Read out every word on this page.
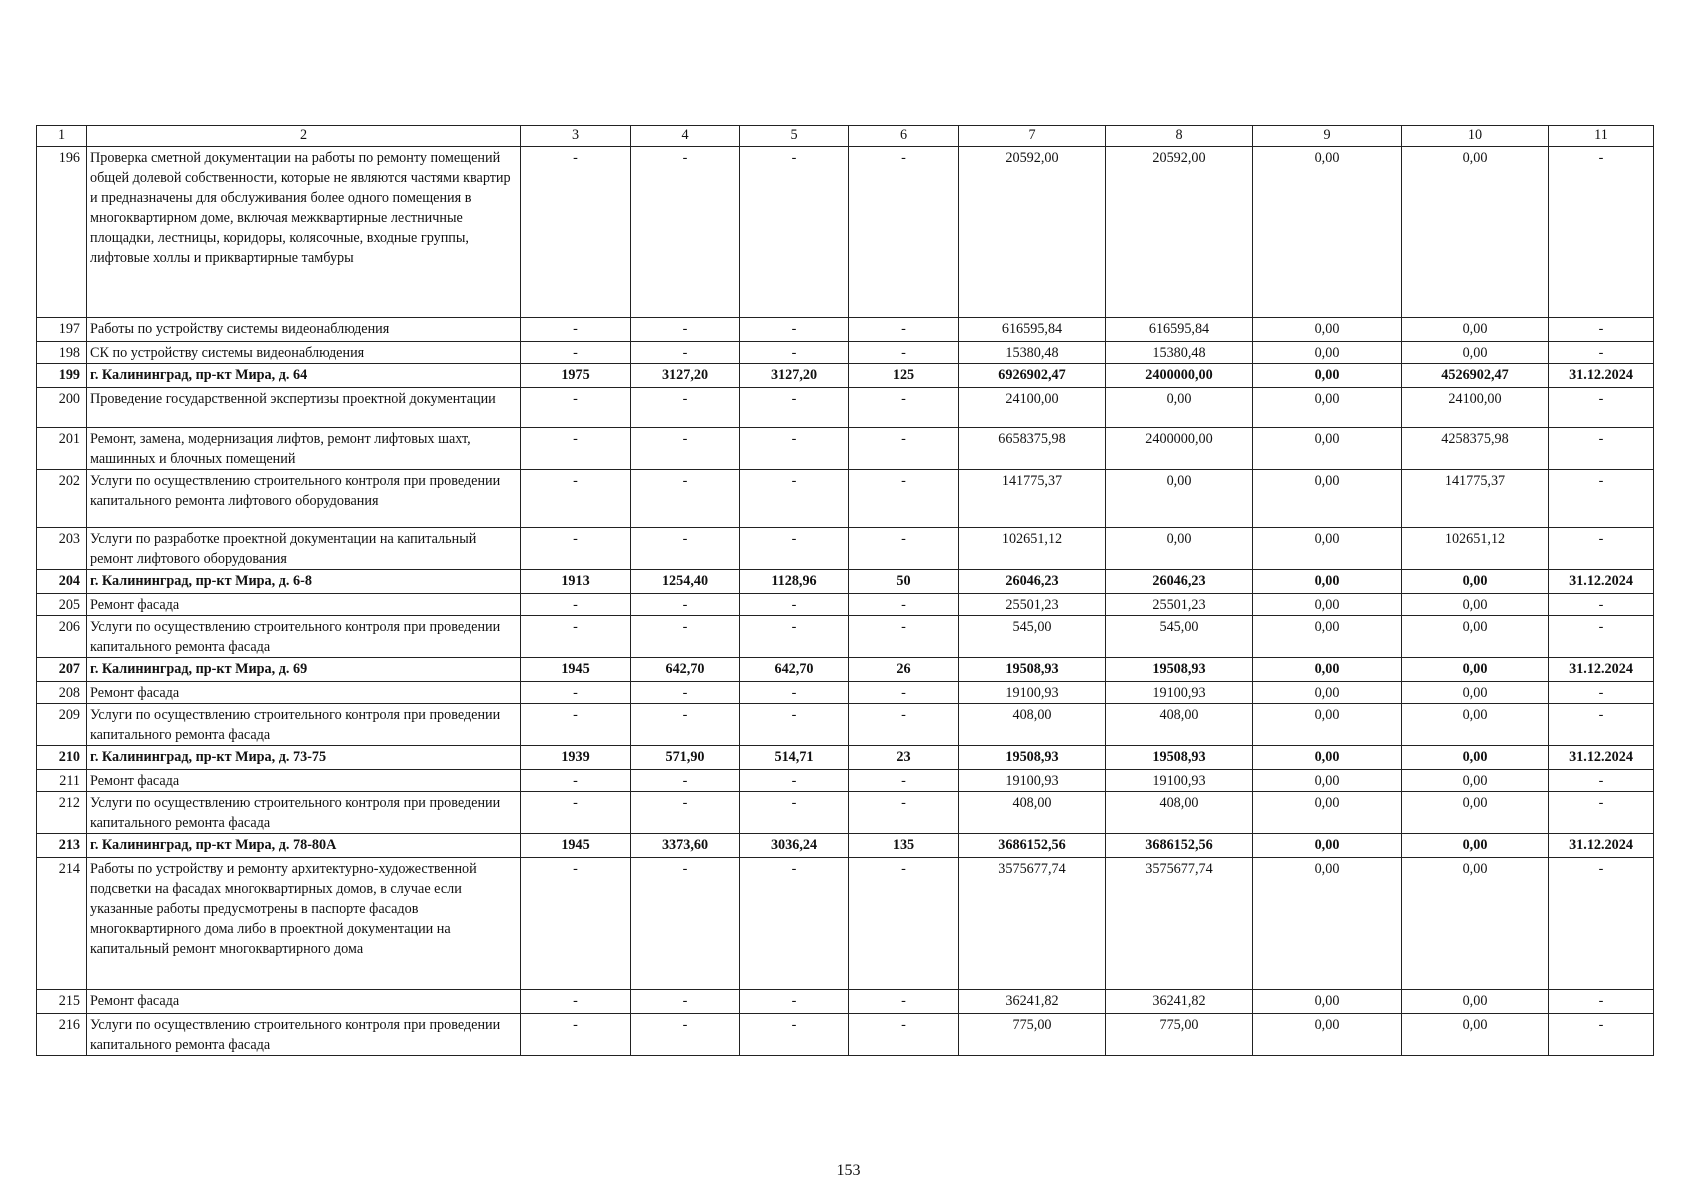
1	2	3	4	5	6	7	8	9	10	11
196	Проверка сметной документации на работы по ремонту помещений общей долевой собственности, которые не являются частями квартир и предназначены для обслуживания более одного помещения в многоквартирном доме, включая межквартирные лестничные площадки, лестницы, коридоры, колясочные, входные группы, лифтовые холлы и приквартирные тамбуры	-	-	-	-	20592,00	20592,00	0,00	0,00	-
197	Работы по устройству системы видеонаблюдения	-	-	-	-	616595,84	616595,84	0,00	0,00	-
198	СК по устройству системы видеонаблюдения	-	-	-	-	15380,48	15380,48	0,00	0,00	-
199	г. Калининград, пр-кт Мира, д. 64	1975	3127,20	3127,20	125	6926902,47	2400000,00	0,00	4526902,47	31.12.2024
200	Проведение государственной экспертизы проектной документации	-	-	-	-	24100,00	0,00	0,00	24100,00	-
201	Ремонт, замена, модернизация лифтов, ремонт лифтовых шахт, машинных и блочных помещений	-	-	-	-	6658375,98	2400000,00	0,00	4258375,98	-
202	Услуги по осуществлению строительного контроля при проведении капитального ремонта лифтового оборудования	-	-	-	-	141775,37	0,00	0,00	141775,37	-
203	Услуги по разработке проектной документации на капитальный ремонт лифтового оборудования	-	-	-	-	102651,12	0,00	0,00	102651,12	-
204	г. Калининград, пр-кт Мира, д. 6-8	1913	1254,40	1128,96	50	26046,23	26046,23	0,00	0,00	31.12.2024
205	Ремонт фасада	-	-	-	-	25501,23	25501,23	0,00	0,00	-
206	Услуги по осуществлению строительного контроля при проведении капитального ремонта фасада	-	-	-	-	545,00	545,00	0,00	0,00	-
207	г. Калининград, пр-кт Мира, д. 69	1945	642,70	642,70	26	19508,93	19508,93	0,00	0,00	31.12.2024
208	Ремонт фасада	-	-	-	-	19100,93	19100,93	0,00	0,00	-
209	Услуги по осуществлению строительного контроля при проведении капитального ремонта фасада	-	-	-	-	408,00	408,00	0,00	0,00	-
210	г. Калининград, пр-кт Мира, д. 73-75	1939	571,90	514,71	23	19508,93	19508,93	0,00	0,00	31.12.2024
211	Ремонт фасада	-	-	-	-	19100,93	19100,93	0,00	0,00	-
212	Услуги по осуществлению строительного контроля при проведении капитального ремонта фасада	-	-	-	-	408,00	408,00	0,00	0,00	-
213	г. Калининград, пр-кт Мира, д. 78-80А	1945	3373,60	3036,24	135	3686152,56	3686152,56	0,00	0,00	31.12.2024
214	Работы по устройству и ремонту архитектурно-художественной подсветки на фасадах многоквартирных домов, в случае если указанные работы предусмотрены в паспорте фасадов многоквартирного дома либо в проектной документации на капитальный ремонт многоквартирного дома	-	-	-	-	3575677,74	3575677,74	0,00	0,00	-
215	Ремонт фасада	-	-	-	-	36241,82	36241,82	0,00	0,00	-
216	Услуги по осуществлению строительного контроля при проведении капитального ремонта фасада	-	-	-	-	775,00	775,00	0,00	0,00	-
153
